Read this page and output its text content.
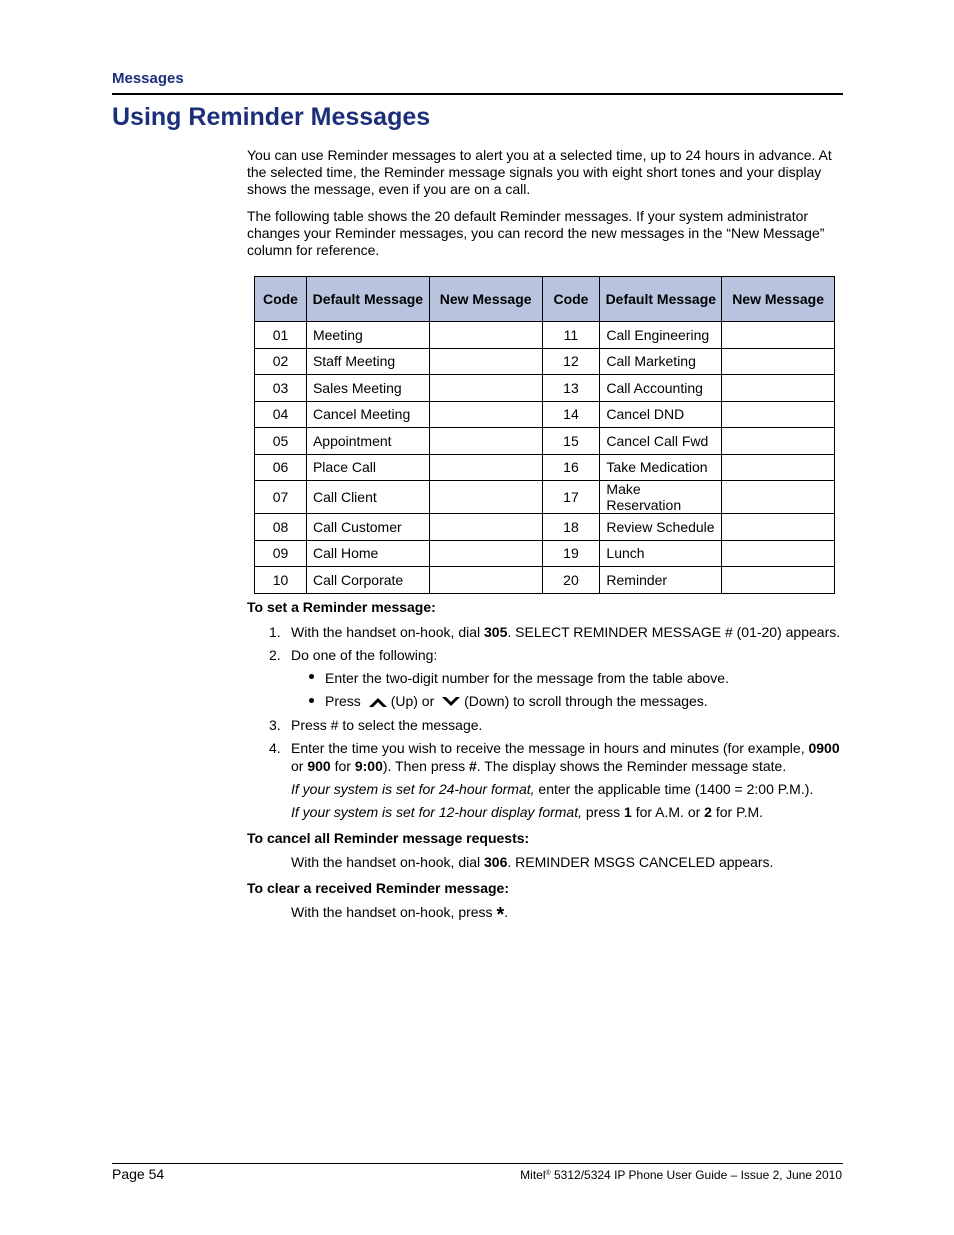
Messages
Using Reminder Messages
You can use Reminder messages to alert you at a selected time, up to 24 hours in advance. At the selected time, the Reminder message signals you with eight short tones and your display shows the message, even if you are on a call.
The following table shows the 20 default Reminder messages. If your system administrator changes your Reminder messages, you can record the new messages in the “New Message” column for reference.
Code	Default Message	New Message	Code	Default Message	New Message
01	Meeting		11	Call Engineering	
02	Staff Meeting		12	Call Marketing	
03	Sales Meeting		13	Call Accounting	
04	Cancel Meeting		14	Cancel DND	
05	Appointment		15	Cancel Call Fwd	
06	Place Call		16	Take Medication	
07	Call Client		17	Make Reservation	
08	Call Customer		18	Review Schedule	
09	Call Home		19	Lunch	
10	Call Corporate		20	Reminder	
To set a Reminder message:
1. With the handset on-hook, dial 305. SELECT REMINDER MESSAGE # (01-20) appears.
2. Do one of the following:
Enter the two-digit number for the message from the table above.
Press (Up) or (Down) to scroll through the messages.
3. Press # to select the message.
4. Enter the time you wish to receive the message in hours and minutes (for example, 0900
or 900 for 9:00). Then press #. The display shows the Reminder message state.
If your system is set for 24-hour format, enter the applicable time (1400 = 2:00 P.M.).
If your system is set for 12-hour display format, press 1 for A.M. or 2 for P.M.
To cancel all Reminder message requests:
With the handset on-hook, dial 306. REMINDER MSGS CANCELED appears.
To clear a received Reminder message:
With the handset on-hook, press *.
Page 54	Mitel® 5312/5324 IP Phone User Guide – Issue 2, June 2010
